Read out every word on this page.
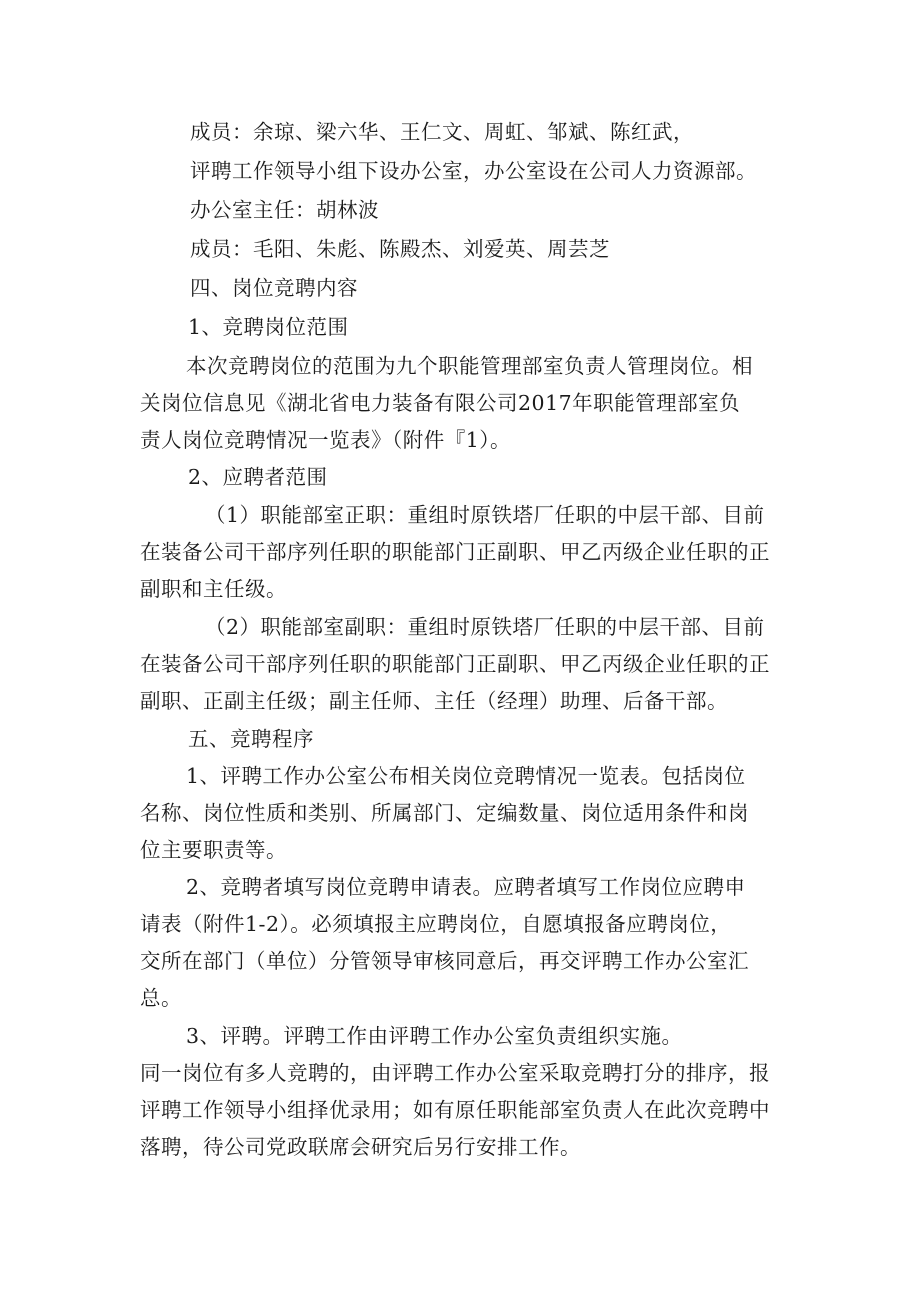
成员：余琼、梁六华、王仁文、周虹、邹斌、陈红武，
评聘工作领导小组下设办公室，办公室设在公司人力资源部。
办公室主任：胡林波
成员：毛阳、朱彪、陈殿杰、刘爱英、周芸芝
四、岗位竞聘内容
1、竞聘岗位范围
本次竞聘岗位的范围为九个职能管理部室负责人管理岗位。相
关岗位信息见《湖北省电力装备有限公司2017年职能管理部室负
责人岗位竞聘情况一览表》（附件『1）。
2、应聘者范围
（1）职能部室正职：重组时原铁塔厂任职的中层干部、目前
在装备公司干部序列任职的职能部门正副职、甲乙丙级企业任职的正
副职和主任级。
（2）职能部室副职：重组时原铁塔厂任职的中层干部、目前
在装备公司干部序列任职的职能部门正副职、甲乙丙级企业任职的正
副职、正副主任级；副主任师、主任（经理）助理、后备干部。
五、竞聘程序
1、评聘工作办公室公布相关岗位竞聘情况一览表。包括岗位
名称、岗位性质和类别、所属部门、定编数量、岗位适用条件和岗
位主要职责等。
2、竞聘者填写岗位竞聘申请表。应聘者填写工作岗位应聘申
请表（附件1-2）。必须填报主应聘岗位，自愿填报备应聘岗位，
交所在部门（单位）分管领导审核同意后，再交评聘工作办公室汇
总。
3、评聘。评聘工作由评聘工作办公室负责组织实施。
同一岗位有多人竞聘的，由评聘工作办公室采取竞聘打分的排序，报
评聘工作领导小组择优录用；如有原任职能部室负责人在此次竞聘中
落聘，待公司党政联席会研究后另行安排工作。
